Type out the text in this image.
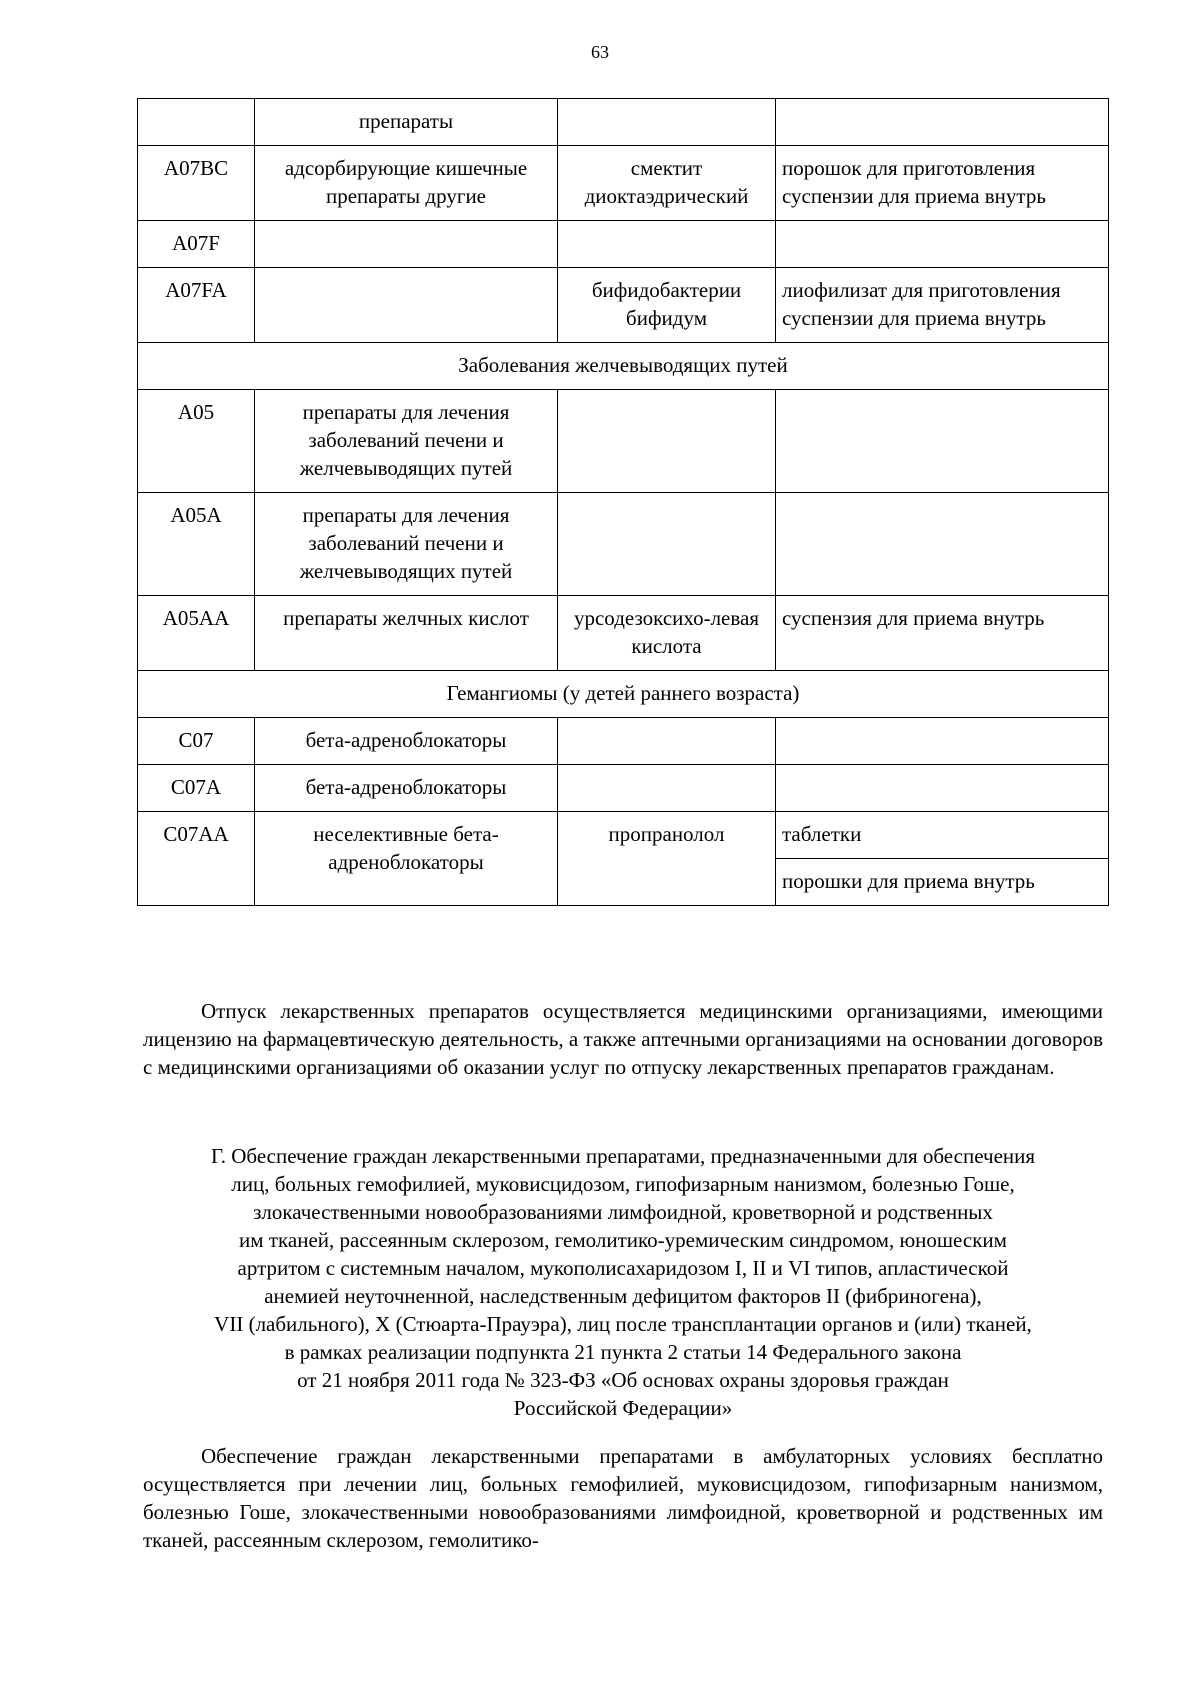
63
	препараты		
A07BC	адсорбирующие кишечные препараты другие	смектит диоктаэдрический	порошок для приготовления суспензии для приема внутрь
A07F			
A07FA		бифидобактерии бифидум	лиофилизат для приготовления суспензии для приема внутрь
Заболевания желчевыводящих путей			
A05	препараты для лечения заболеваний печени и желчевыводящих путей		
A05A	препараты для лечения заболеваний печени и желчевыводящих путей		
A05AA	препараты желчных кислот	урсодезоксихо-левая кислота	суспензия для приема внутрь
Гемангиомы (у детей раннего возраста)			
C07	бета-адреноблокаторы		
C07A	бета-адреноблокаторы		
C07AA	неселективные бета-адреноблокаторы	пропранолол	таблетки
			порошки для приема внутрь
Отпуск лекарственных препаратов осуществляется медицинскими организациями, имеющими лицензию на фармацевтическую деятельность, а также аптечными организациями на основании договоров с медицинскими организациями об оказании услуг по отпуску лекарственных препаратов гражданам.
Г. Обеспечение граждан лекарственными препаратами, предназначенными для обеспечения
лиц, больных гемофилией, муковисцидозом, гипофизарным нанизмом, болезнью Гоше,
злокачественными новообразованиями лимфоидной, кроветворной и родственных
им тканей, рассеянным склерозом, гемолитико-уремическим синдромом, юношеским
артритом с системным началом, мукополисахаридозом I, II и VI типов, апластической
анемией неуточненной, наследственным дефицитом факторов II (фибриногена),
VII (лабильного), X (Стюарта-Прауэра), лиц после трансплантации органов и (или) тканей,
в рамках реализации подпункта 21 пункта 2 статьи 14 Федерального закона
от 21 ноября 2011 года № 323-ФЗ «Об основах охраны здоровья граждан
Российской Федерации»
Обеспечение граждан лекарственными препаратами в амбулаторных условиях бесплатно осуществляется при лечении лиц, больных гемофилией, муковисцидозом, гипофизарным нанизмом, болезнью Гоше, злокачественными новообразованиями лимфоидной, кроветворной и родственных им тканей, рассеянным склерозом, гемолитико-
